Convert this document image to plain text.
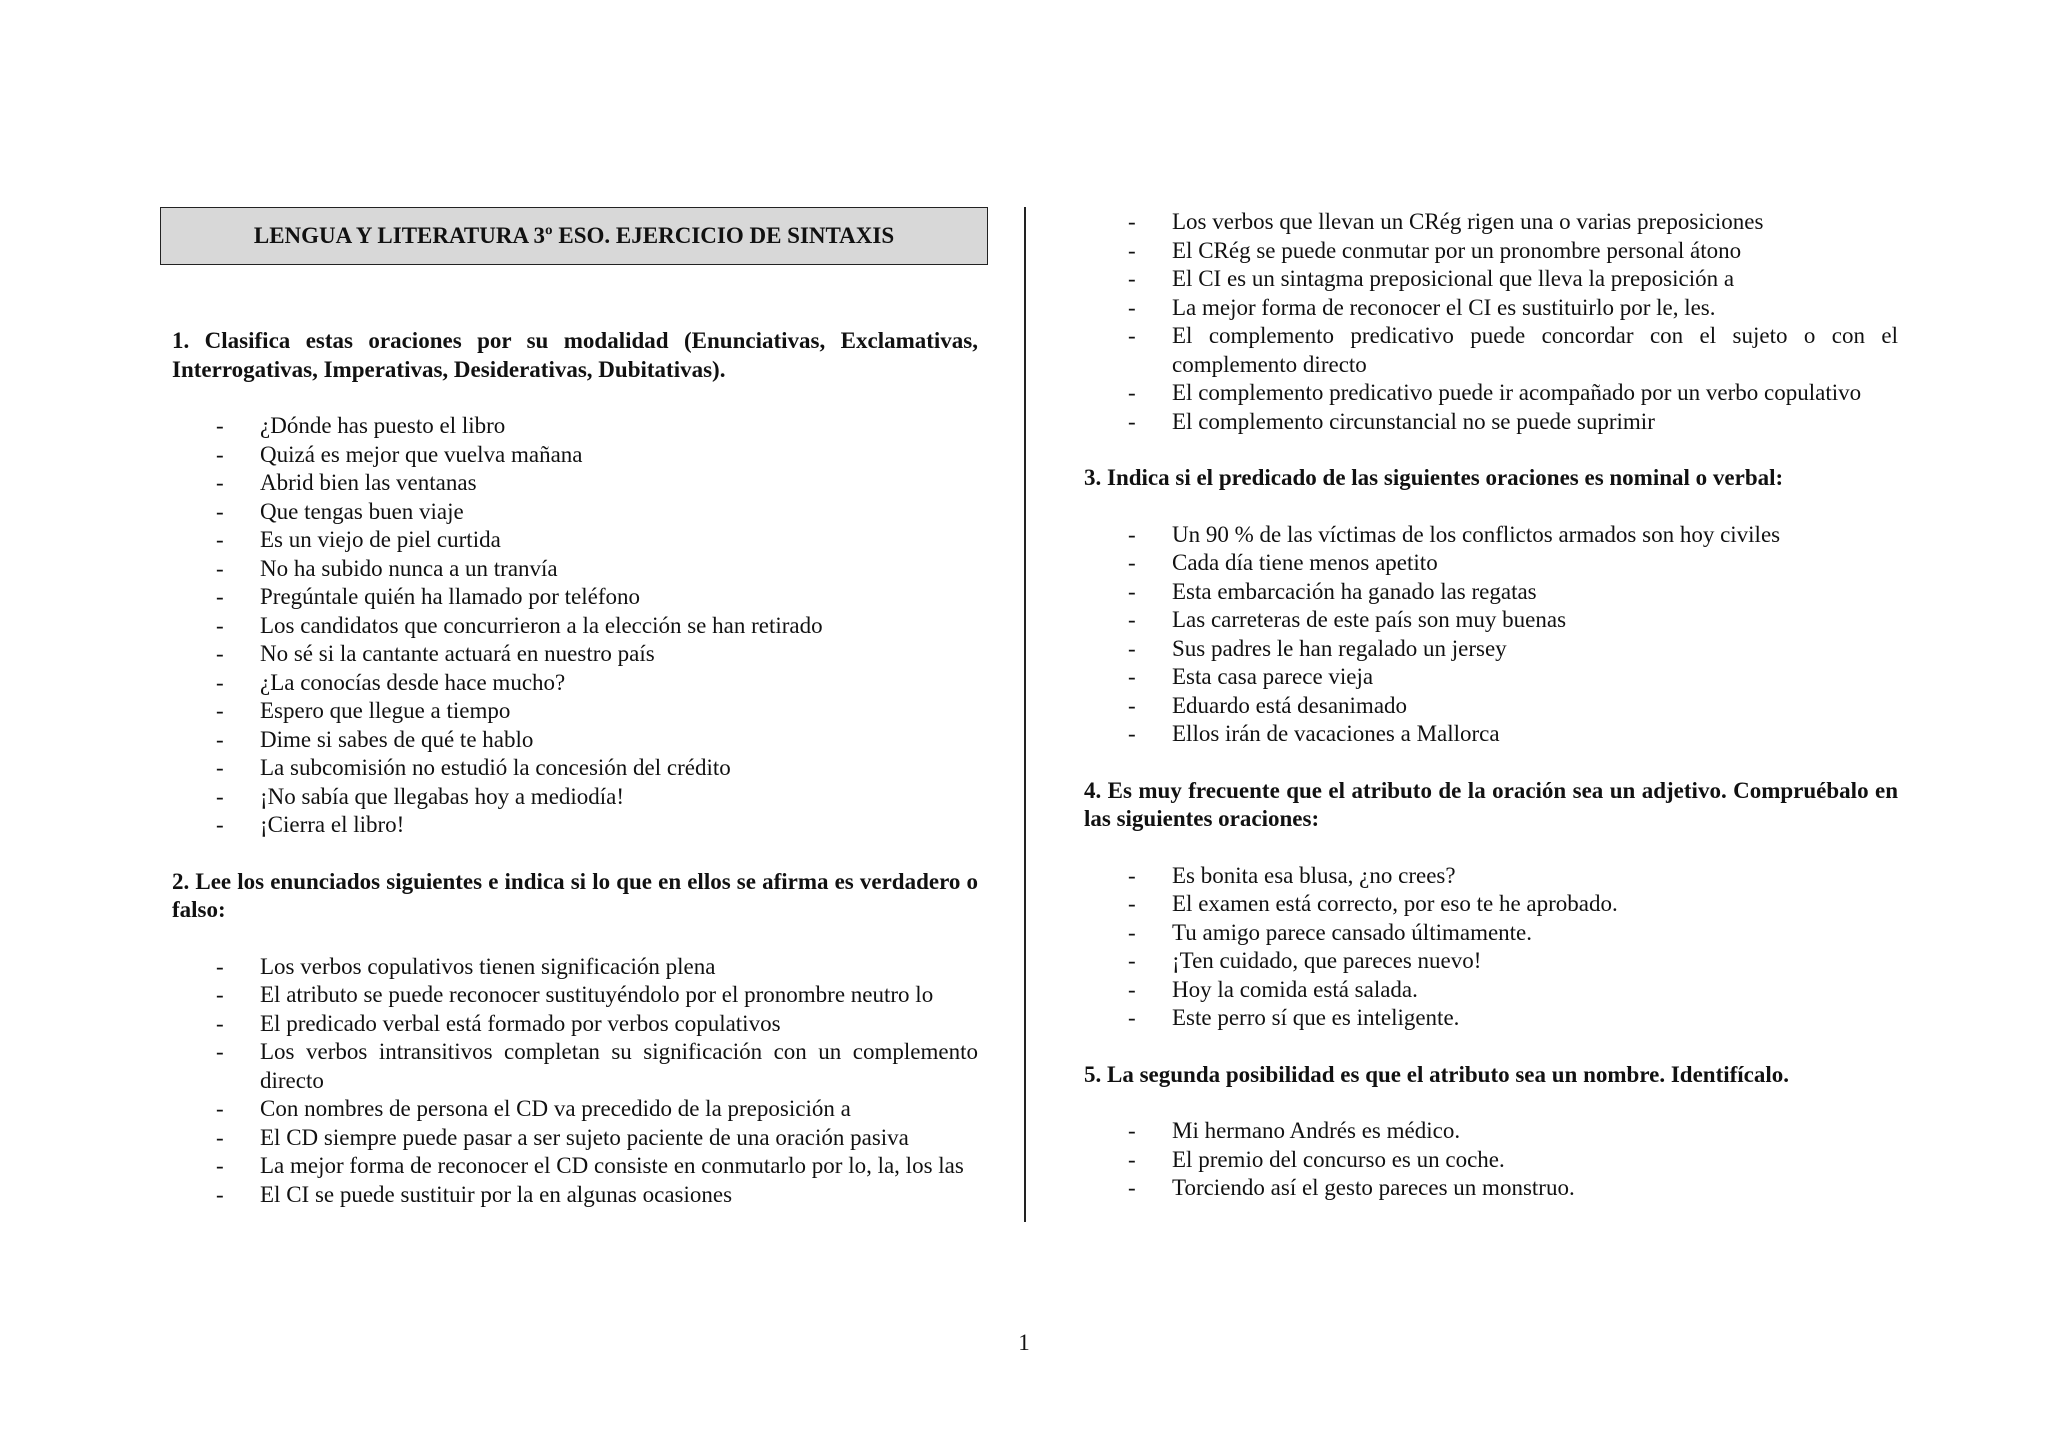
LENGUA Y LITERATURA 3º ESO. EJERCICIO DE SINTAXIS

1. Clasifica estas oraciones por su modalidad (Enunciativas, Exclamativas, Interrogativas, Imperativas, Desiderativas, Dubitativas).

- ¿Dónde has puesto el libro
- Quizá es mejor que vuelva mañana
- Abrid bien las ventanas
- Que tengas buen viaje
- Es un viejo de piel curtida
- No ha subido nunca a un tranvía
- Pregúntale quién ha llamado por teléfono
- Los candidatos que concurrieron a la elección se han retirado
- No sé si la cantante actuará en nuestro país
- ¿La conocías desde hace mucho?
- Espero que llegue a tiempo
- Dime si sabes de qué te hablo
- La subcomisión no estudió la concesión del crédito
- ¡No sabía que llegabas hoy a mediodía!
- ¡Cierra el libro!

2. Lee los enunciados siguientes e indica si lo que en ellos se afirma es verdadero o falso:

- Los verbos copulativos tienen significación plena
- El atributo se puede reconocer sustituyéndolo por el pronombre neutro lo
- El predicado verbal está formado por verbos copulativos
- Los verbos intransitivos completan su significación con un complemento directo
- Con nombres de persona el CD va precedido de la preposición a
- El CD siempre puede pasar a ser sujeto paciente de una oración pasiva
- La mejor forma de reconocer el CD consiste en conmutarlo por lo, la, los las
- El CI se puede sustituir por la en algunas ocasiones
- Los verbos que llevan un CRég rigen una o varias preposiciones
- El CRég se puede conmutar por un pronombre personal átono
- El CI es un sintagma preposicional que lleva la preposición a
- La mejor forma de reconocer el CI es sustituirlo por le, les.
- El complemento predicativo puede concordar con el sujeto o con el complemento directo
- El complemento predicativo puede ir acompañado por un verbo copulativo
- El complemento circunstancial no se puede suprimir

3. Indica si el predicado de las siguientes oraciones es nominal o verbal:

- Un 90 % de las víctimas de los conflictos armados son hoy civiles
- Cada día tiene menos apetito
- Esta embarcación ha ganado las regatas
- Las carreteras de este país son muy buenas
- Sus padres le han regalado un jersey
- Esta casa parece vieja
- Eduardo está desanimado
- Ellos irán de vacaciones a Mallorca

4. Es muy frecuente que el atributo de la oración sea un adjetivo. Compruébalo en las siguientes oraciones:

- Es bonita esa blusa, ¿no crees?
- El examen está correcto, por eso te he aprobado.
- Tu amigo parece cansado últimamente.
- ¡Ten cuidado, que pareces nuevo!
- Hoy la comida está salada.
- Este perro sí que es inteligente.

5. La segunda posibilidad es que el atributo sea un nombre. Identifícalo.

- Mi hermano Andrés es médico.
- El premio del concurso es un coche.
- Torciendo así el gesto pareces un monstruo.
1
